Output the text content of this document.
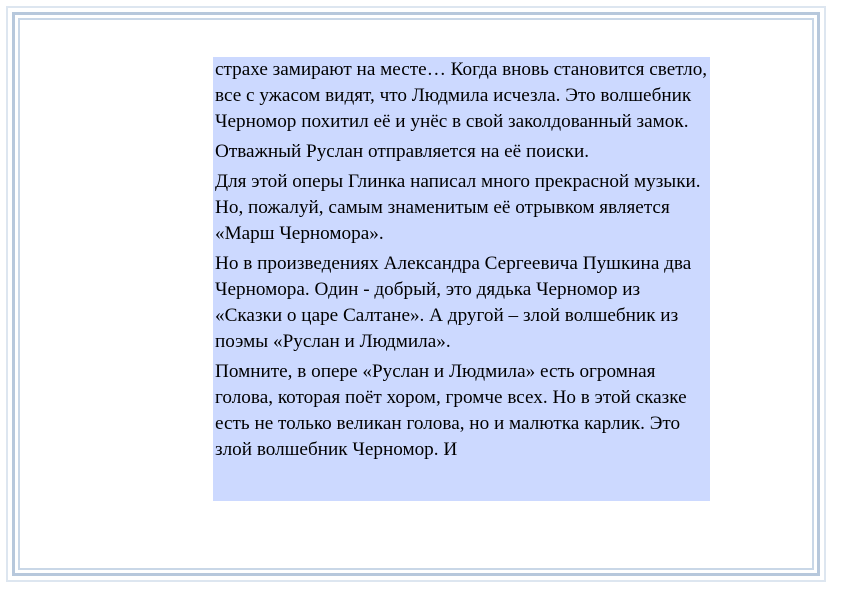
страхе замирают на месте… Когда вновь становится светло, все с ужасом видят, что Людмила исчезла. Это волшебник Черномор похитил её и унёс в свой заколдованный замок.

Отважный Руслан отправляется на её поиски.

Для этой оперы Глинка написал много прекрасной музыки. Но, пожалуй, самым знаменитым её отрывком является «Марш Черномора».

Но в произведениях Александра Сергеевича Пушкина два Черномора. Один - добрый, это дядька Черномор из «Сказки о царе Салтане». А другой – злой волшебник из поэмы «Руслан и Людмила».

Помните, в опере «Руслан и Людмила» есть огромная голова, которая поёт хором, громче всех. Но в этой сказке есть не только великан голова, но и малютка карлик. Это злой волшебник Черномор. И
